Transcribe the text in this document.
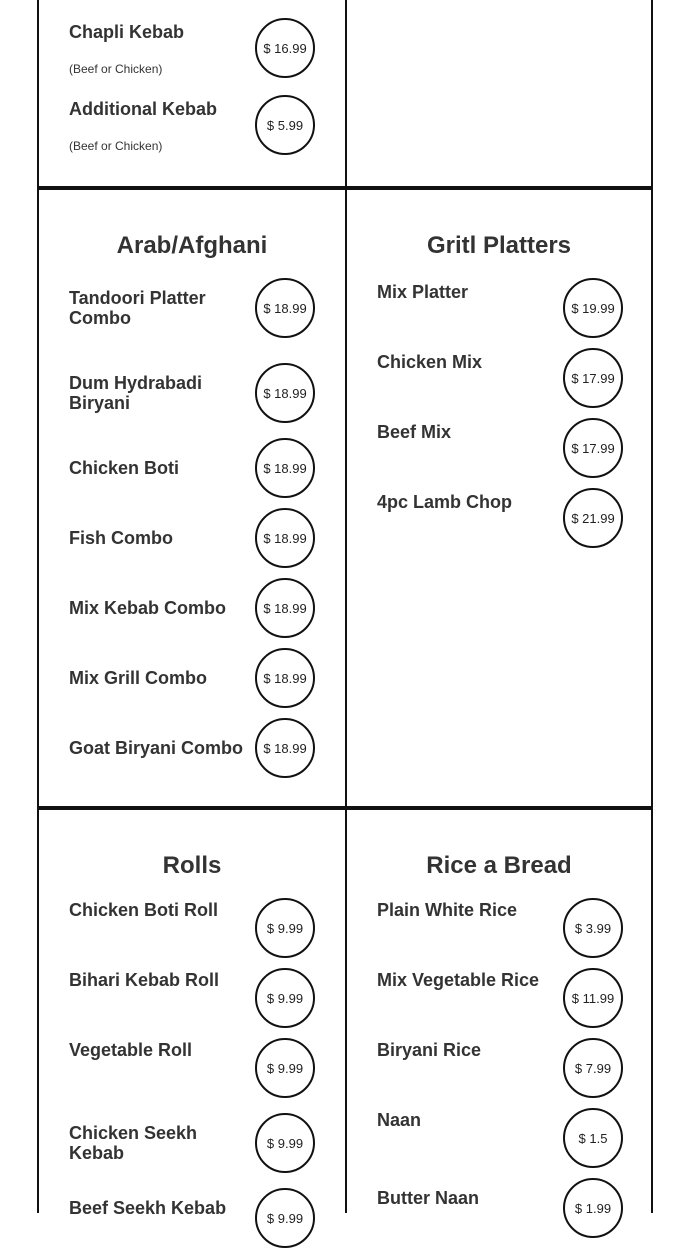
Chapli Kebab
(Beef or Chicken)
$ 16.99
Additional Kebab
(Beef or Chicken)
$ 5.99
Arab/Afghani
Tandoori Platter Combo	$ 18.99
Dum Hydrabadi Biryani	$ 18.99
Chicken Boti	$ 18.99
Fish Combo	$ 18.99
Mix Kebab Combo	$ 18.99
Mix Grill Combo	$ 18.99
Goat Biryani Combo	$ 18.99
Gritl Platters
Mix Platter
$ 19.99
Chicken Mix
$ 17.99
Beef Mix
$ 17.99
4pc Lamb Chop
$ 21.99
Rolls
Chicken Boti Roll
$ 9.99
Bihari Kebab Roll
$ 9.99
Vegetable Roll
$ 9.99
Chicken Seekh Kebab	$ 9.99
Beef Seekh Kebab	$ 9.99
Rice a Bread
Plain White Rice
$ 3.99
Mix Vegetable Rice
$ 11.99
Biryani Rice
$ 7.99
Naan
$ 1.5
Butter Naan	$ 1.99
